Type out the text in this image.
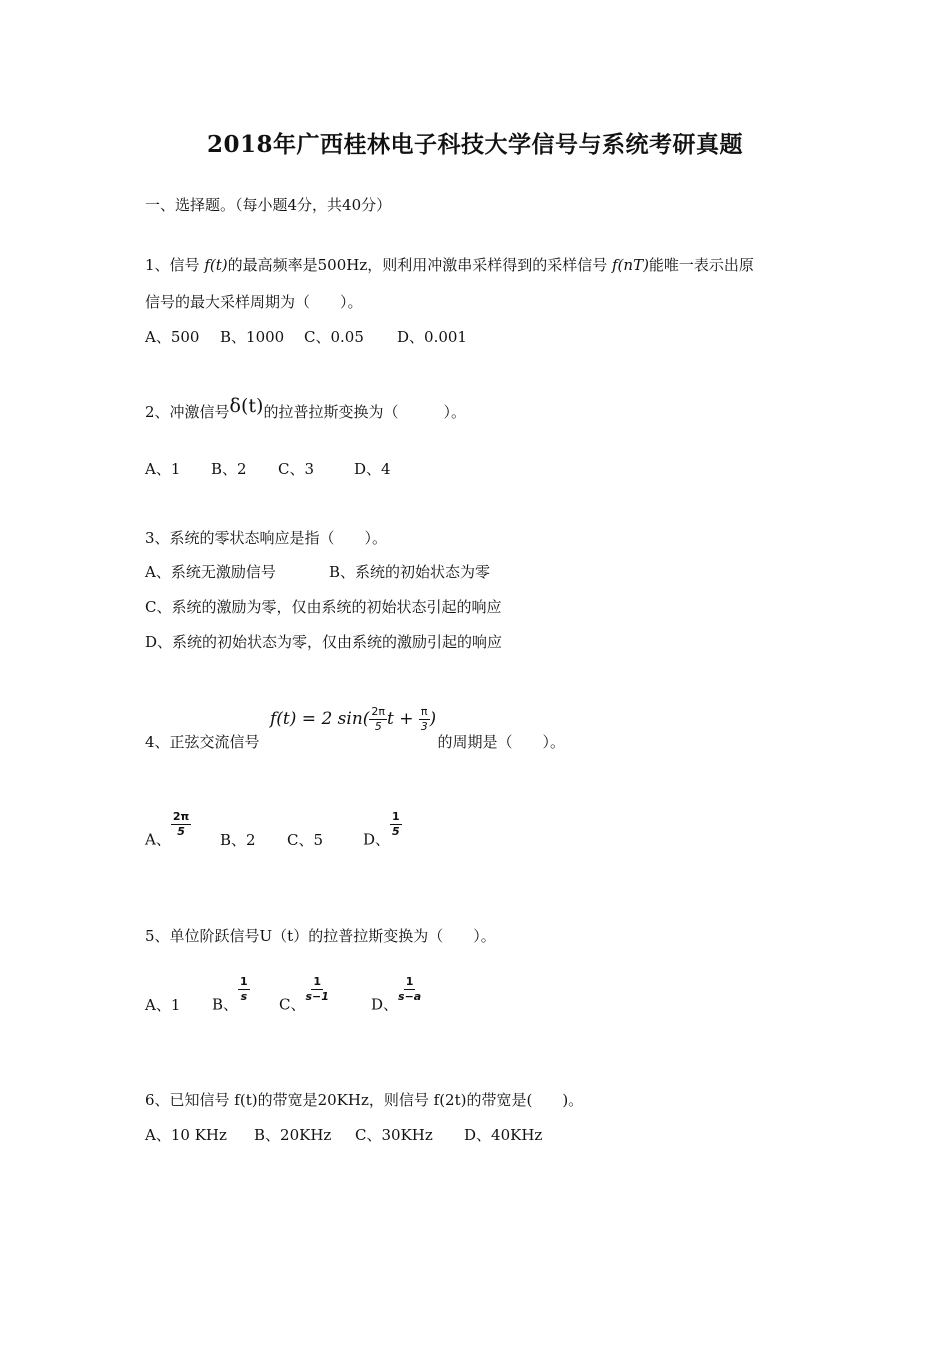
2018年广西桂林电子科技大学信号与系统考研真题
一、选择题。（每小题4分，共40分）
1、信号 f(t)的最高频率是500Hz，则利用冲激串采样得到的采样信号 f(nT)能唯一表示出原
信号的最大采样周期为（　　）。
A、500 B、1000 C、0.05 D、0.001
2、冲激信号δ(t)的拉普拉斯变换为（　　　）。
A、1 B、2 C、3	D、4
3、系统的零状态响应是指（　　）。
A、系统无激励信号	B、系统的初始状态为零
C、系统的激励为零，仅由系统的初始状态引起的响应
D、系统的初始状态为零，仅由系统的激励引起的响应
4、正弦交流信号	的周期是（　　）。
f(t) = 2 $\sin( \frac{2\pi}{5}$ $t + \frac{\pi}{3}$ )
A、
$\frac{2\pi}{5}$
B、2 C、5	D、
$\frac{1}{5}$
5、单位阶跃信号U（t）的拉普拉斯变换为（　　）。
A、1 B、
$\frac{1}{s}$
C、
$\frac{1}{s-1}$
D、
$\frac{1}{s-a}$
6、已知信号 f(t)的带宽是20KHz，则信号 f(2t)的带宽是(　　)。
A、10 KHz B、20KHz C、30KHz D、40KHz
